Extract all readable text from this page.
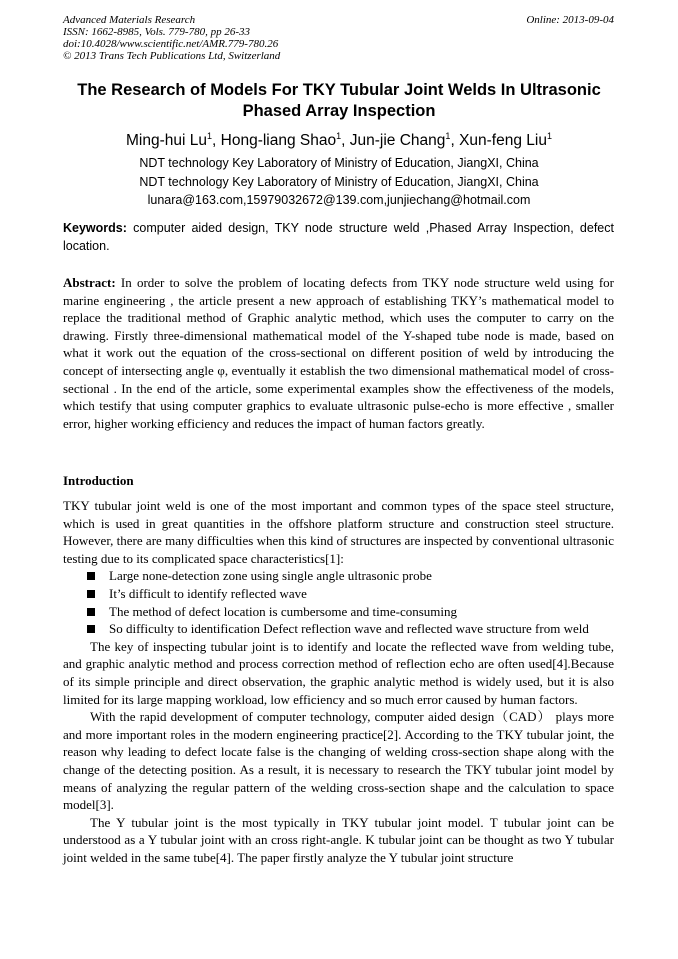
Advanced Materials Research
ISSN: 1662-8985, Vols. 779-780, pp 26-33
doi:10.4028/www.scientific.net/AMR.779-780.26
© 2013 Trans Tech Publications Ltd, Switzerland
Online: 2013-09-04
The Research of Models For TKY Tubular Joint Welds In Ultrasonic
Phased Array Inspection
Ming-hui Lu$^1$, Hong-liang Shao$^1$, Jun-jie Chang$^1$, Xun-feng Liu$^1$
NDT technology Key Laboratory of Ministry of Education, JiangXI, China
NDT technology Key Laboratory of Ministry of Education, JiangXI, China
lunara@163.com,15979032672@139.com,junjiechang@hotmail.com
Keywords: computer aided design, TKY node structure weld ,Phased Array Inspection, defect location.
Abstract: In order to solve the problem of locating defects from TKY node structure weld using for marine engineering , the article present a new approach of establishing TKY’s mathematical model to replace the traditional method of Graphic analytic method, which uses the computer to carry on the drawing. Firstly three-dimensional mathematical model of the Y-shaped tube node is made, based on what it work out the equation of the cross-sectional on different position of weld by introducing the concept of intersecting angle φ, eventually it establish the two dimensional mathematical model of cross-sectional . In the end of the article, some experimental examples show the effectiveness of the models, which testify that using computer graphics to evaluate ultrasonic pulse-echo is more effective , smaller error, higher working efficiency and reduces the impact of human factors greatly.
Introduction

TKY tubular joint weld is one of the most important and common types of the space steel structure, which is used in great quantities in the offshore platform structure and construction steel structure. However, there are many difficulties when this kind of structures are inspected by conventional ultrasonic testing due to its complicated space characteristics[1]:

Large none-detection zone using single angle ultrasonic probe
It’s difficult to identify reflected wave
The method of defect location is cumbersome and time-consuming
So difficulty to identification Defect reflection wave and reflected wave structure from weld

The key of inspecting tubular joint is to identify and locate the reflected wave from welding tube, and graphic analytic method and process correction method of reflection echo are often used[4].Because of its simple principle and direct observation, the graphic analytic method is widely used, but it is also limited for its large mapping workload, low efficiency and so much error caused by human factors.

With the rapid development of computer technology, computer aided design（CAD） plays more and more important roles in the modern engineering practice[2]. According to the TKY tubular joint, the reason why leading to defect locate false is the changing of welding cross-section shape along with the change of the detecting position. As a result, it is necessary to research the TKY tubular joint model by means of analyzing the regular pattern of the welding cross-section shape and the calculation to space model[3].

The Y tubular joint is the most typically in TKY tubular joint model. T tubular joint can be understood as a Y tubular joint with an cross right-angle. K tubular joint can be thought as two Y tubular joint welded in the same tube[4]. The paper firstly analyze the Y tubular joint structure
